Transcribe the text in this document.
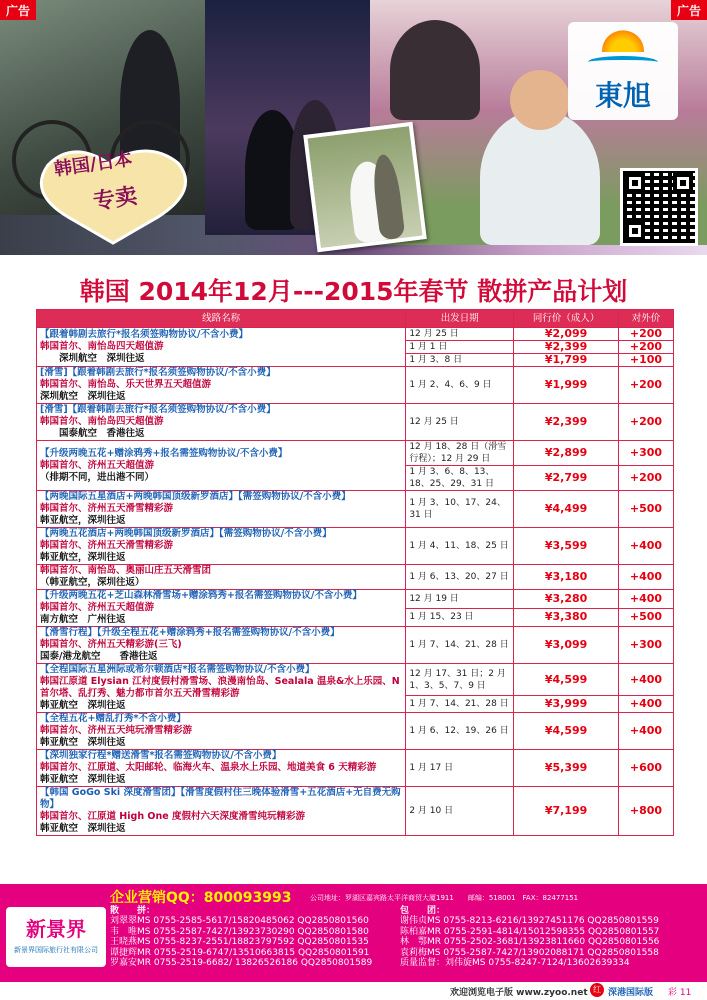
東旭
韩国/日本
专卖
广告	广告
韩国 2014年12月---2015年春节 散拼产品计划
线路名称	出发日期	同行价（成人）	对外价

【跟着韩剧去旅行*报名须签购物协议/不含小费】
韩国首尔、南怡岛四天超值游
　　深圳航空　深圳往返	12 月 25 日	¥2,099	+200
	1 月 1 日	¥2,399	+200
	1 月 3、8 日	¥1,799	+100

[滑雪]【跟着韩剧去旅行*报名须签购物协议/不含小费】
韩国首尔、南怡岛、乐天世界五天超值游
深圳航空　深圳往返	1 月 2、4、6、9 日	¥1,999	+200

[滑雪]【跟着韩剧去旅行*报名须签购物协议/不含小费】
韩国首尔、南怡岛四天超值游
　　国泰航空　香港往返	12 月 25 日	¥2,399	+200

【升级两晚五花+赠涂鸦秀+报名需签购物协议/不含小费】
韩国首尔、济州五天超值游
（排期不同，进出港不同）	12 月 18、28 日（滑雪行程）；12 月 29 日	¥2,899	+300
	1 月 3、6、8、13、18、25、29、31 日	¥2,799	+200

【两晚国际五星酒店+两晚韩国顶级新罗酒店】【需签购物协议/不含小费】
韩国首尔、济州五天滑雪精彩游
韩亚航空，深圳往返	1 月 3、10、17、24、31 日	¥4,499	+500

【两晚五花酒店+两晚韩国顶级新罗酒店】【需签购物协议/不含小费】
韩国首尔、济州五天滑雪精彩游
韩亚航空，深圳往返	1 月 4、11、18、25 日	¥3,599	+400

韩国首尔、南怡岛、奥丽山庄五天滑雪团
（韩亚航空，深圳往返）	1 月 6、13、20、27 日	¥3,180	+400

【升级两晚五花+芝山森林滑雪场+赠涂鸦秀+报名需签购物协议/不含小费】
韩国首尔、济州五天超值游
南方航空　广州往返	12 月 19 日	¥3,280	+400
	1 月 15、23 日	¥3,380	+500

【滑雪行程】【升级全程五花+赠涂鸦秀+报名需签购物协议/不含小费】
韩国首尔、济州五天精彩游(三飞)
国泰/港龙航空　　香港往返	1 月 7、14、21、28 日	¥3,099	+300

【全程国际五星洲际或希尔顿酒店*报名需签购物协议/不含小费】
韩国江原道 Elysian 江村度假村滑雪场、浪漫南怡岛、Sealala 温泉&水上乐园、N 首尔塔、乱打秀、魅力都市首尔五天滑雪精彩游
韩亚航空　深圳往返	12 月 17、31 日；2 月 1、3、5、7、9 日	¥4,599	+400
	1 月 7、14、21、28 日	¥3,999	+400

【全程五花+赠乱打秀*不含小费】
韩国首尔、济州五天纯玩滑雪精彩游
韩亚航空　深圳往返	1 月 6、12、19、26 日	¥4,599	+400

【深圳独家行程*赠送滑雪*报名需签购物协议/不含小费】
韩国首尔、江原道、太阳邮轮、临海火车、温泉水上乐园、地道美食 6 天精彩游
韩亚航空　深圳往返	1 月 17 日	¥5,399	+600

【韩国 GoGo Ski 深度滑雪团】【滑雪度假村住三晚体验滑雪+五花酒店+无自费无购物】
韩国首尔、江原道 High One 度假村六天深度滑雪纯玩精彩游
韩亚航空　深圳往返	2 月 10 日	¥7,199	+800
新景界
新景界国际旅行社有限公司
企业营销QQ：800093993	公司地址：罗湖区嘉宾路太平洋商贸大厦1911　　邮编：518001　FAX：82477151
散　　拼：	包　　团：
刘翠翠MS 0755-2585-5617/15820485062 QQ2850801560
韦　唯MS 0755-2587-7427/13923730290 QQ2850801580
王晓燕MS 0755-8237-2551/18823797592 QQ2850801535
谭捷辉MR 0755-2519-6747/13510663815 QQ2850801591
罗嘉安MR 0755-2519-6682/ 13826526186 QQ2850801589
谢伟贞MS 0755-8213-6216/13927451176 QQ2850801559
陈柏嘉MR 0755-2591-4814/15012598355 QQ2850801557
林　鄂MR 0755-2502-3681/13923811660 QQ2850801556
袁莉梅MS 0755-2587-7427/13902088171 QQ2850801558
质量监督：刘伟旋MS 0755-8247-7124/13602639334
欢迎浏览电子版 www.zyoo.net 红 深港国际版 彩 11
